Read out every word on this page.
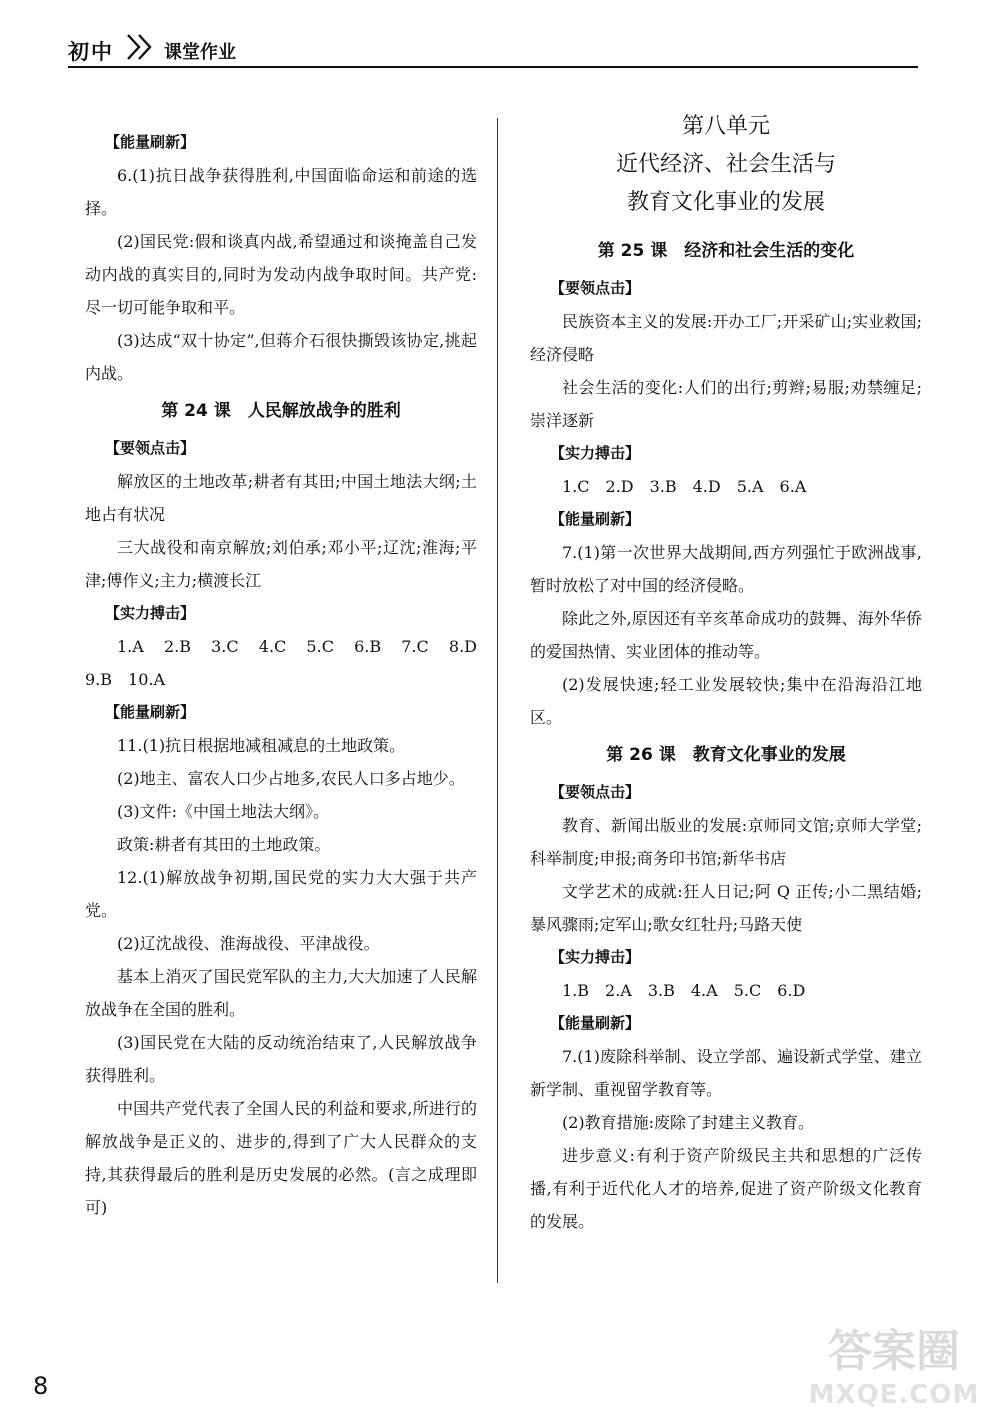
初中	课堂作业

【能量刷新】

6.(1)抗日战争获得胜利,中国面临命运和前途的选择。

(2)国民党:假和谈真内战,希望通过和谈掩盖自己发动内战的真实目的,同时为发动内战争取时间。共产党:尽一切可能争取和平。

(3)达成“双十协定”,但蒋介石很快撕毁该协定,挑起内战。

第 24 课　人民解放战争的胜利

【要领点击】

解放区的土地改革;耕者有其田;中国土地法大纲;土地占有状况

三大战役和南京解放;刘伯承;邓小平;辽沈;淮海;平津;傅作义;主力;横渡长江

【实力搏击】

1.A　2.B　3.C　4.C　5.C　6.B　7.C　8.D　9.B　10.A

【能量刷新】

11.(1)抗日根据地减租减息的土地政策。

(2)地主、富农人口少占地多,农民人口多占地少。

(3)文件:《中国土地法大纲》。

政策:耕者有其田的土地政策。

12.(1)解放战争初期,国民党的实力大大强于共产党。

(2)辽沈战役、淮海战役、平津战役。

基本上消灭了国民党军队的主力,大大加速了人民解放战争在全国的胜利。

(3)国民党在大陆的反动统治结束了,人民解放战争获得胜利。

中国共产党代表了全国人民的利益和要求,所进行的解放战争是正义的、进步的,得到了广大人民群众的支持,其获得最后的胜利是历史发展的必然。(言之成理即可)

第八单元

近代经济、社会生活与

教育文化事业的发展

第 25 课　经济和社会生活的变化

【要领点击】

民族资本主义的发展:开办工厂;开采矿山;实业救国;经济侵略

社会生活的变化:人们的出行;剪辫;易服;劝禁缠足;崇洋逐新

【实力搏击】

1.C　2.D　3.B　4.D　5.A　6.A

【能量刷新】

7.(1)第一次世界大战期间,西方列强忙于欧洲战事,暂时放松了对中国的经济侵略。

除此之外,原因还有辛亥革命成功的鼓舞、海外华侨的爱国热情、实业团体的推动等。

(2)发展快速;轻工业发展较快;集中在沿海沿江地区。

第 26 课　教育文化事业的发展

【要领点击】

教育、新闻出版业的发展:京师同文馆;京师大学堂;科举制度;申报;商务印书馆;新华书店

文学艺术的成就:狂人日记;阿 Q 正传;小二黑结婚;暴风骤雨;定军山;歌女红牡丹;马路天使

【实力搏击】

1.B　2.A　3.B　4.A　5.C　6.D

【能量刷新】

7.(1)废除科举制、设立学部、遍设新式学堂、建立新学制、重视留学教育等。

(2)教育措施:废除了封建主义教育。

进步意义:有利于资产阶级民主共和思想的广泛传播,有利于近代化人才的培养,促进了资产阶级文化教育的发展。

8
答案圈
MXQE.COM
